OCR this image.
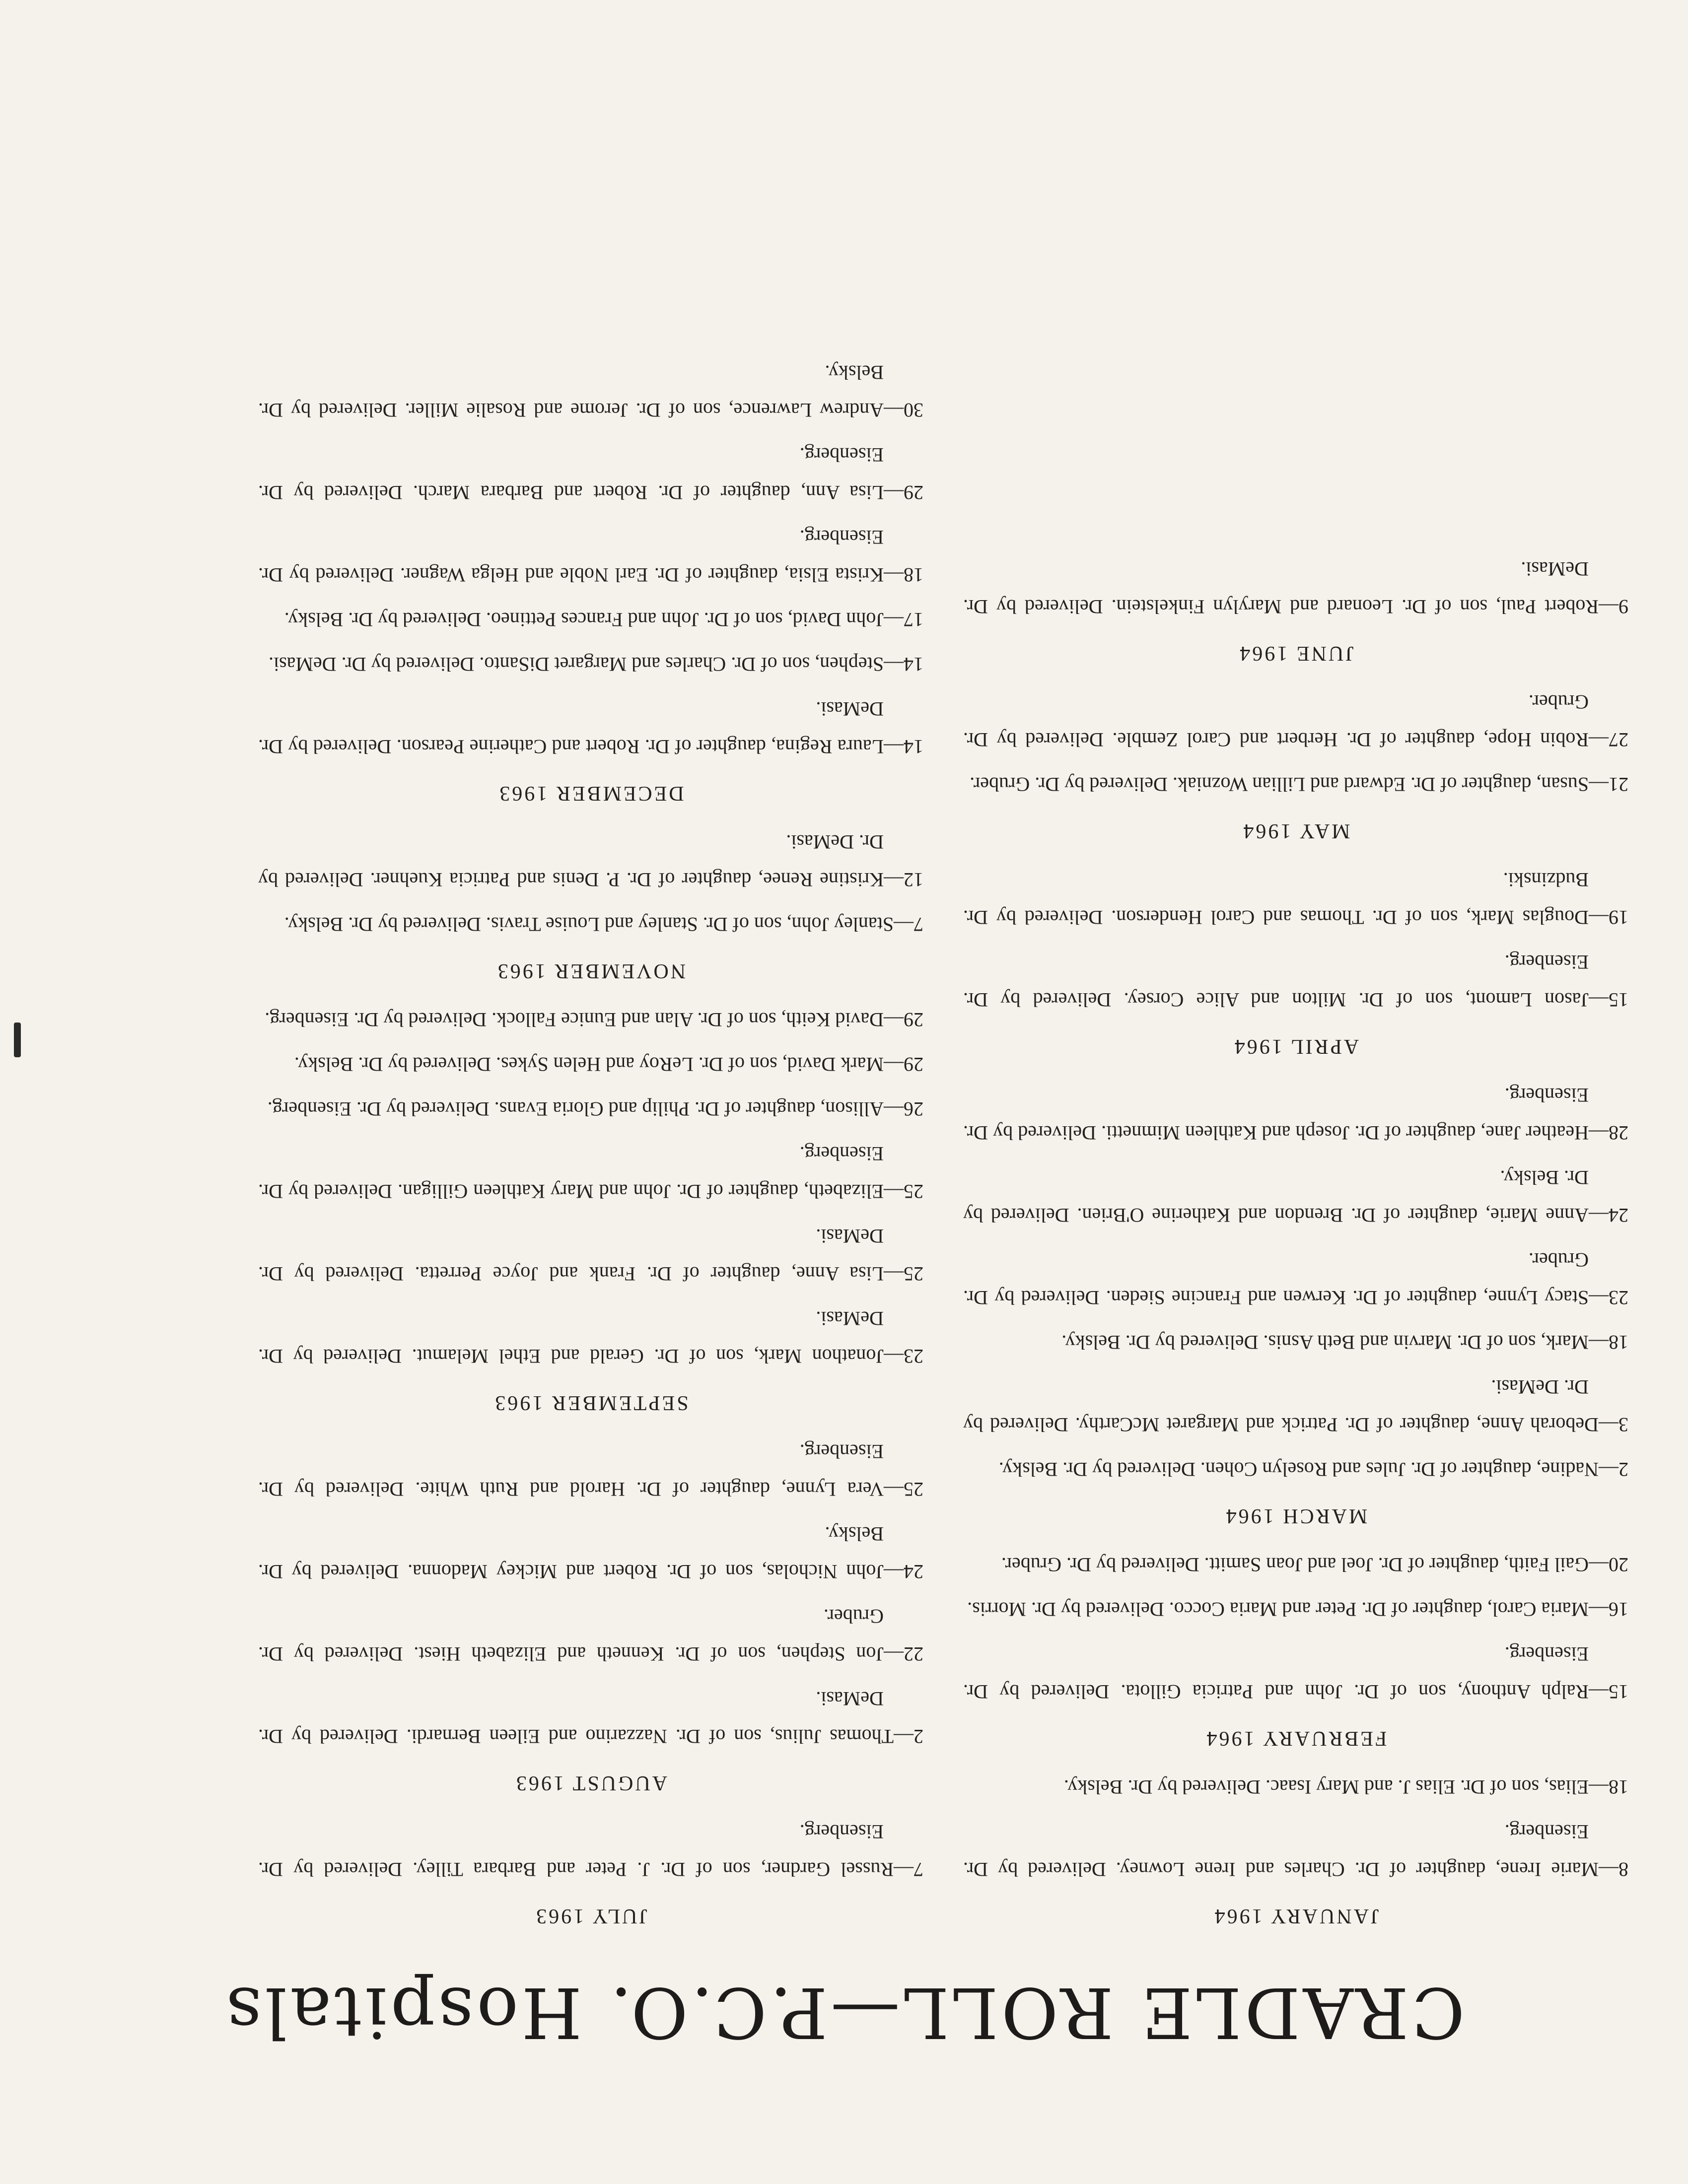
CRADLE ROLL—P.C.O. Hospitals
JANUARY 1964

8—Marie Irene, daughter of Dr. Charles and Irene Lowney. Delivered by Dr. Eisenberg.

18—Elias, son of Dr. Elias J. and Mary Isaac. Delivered by Dr. Belsky.

FEBRUARY 1964

15—Ralph Anthony, son of Dr. John and Patricia Gillota. Delivered by Dr. Eisenberg.

16—Maria Carol, daughter of Dr. Peter and Maria Cocco. Delivered by Dr. Morris.

20—Gail Faith, daughter of Dr. Joel and Joan Samitt. Delivered by Dr. Gruber.

MARCH 1964

2—Nadine, daughter of Dr. Jules and Roselyn Cohen. Delivered by Dr. Belsky.

3—Deborah Anne, daughter of Dr. Patrick and Margaret McCarthy. Delivered by Dr. DeMasi.

18—Mark, son of Dr. Marvin and Beth Asnis. Delivered by Dr. Belsky.

23—Stacy Lynne, daughter of Dr. Kerwen and Francine Sieden. Delivered by Dr. Gruber.

24—Anne Marie, daughter of Dr. Brendon and Katherine O'Brien. Delivered by Dr. Belsky.

28—Heather Jane, daughter of Dr. Joseph and Kathleen Mimnetti. Delivered by Dr. Eisenberg.

APRIL 1964

15—Jason Lamont, son of Dr. Milton and Alice Corsey. Delivered by Dr. Eisenberg.

19—Douglas Mark, son of Dr. Thomas and Carol Henderson. Delivered by Dr. Budzinski.

MAY 1964

21—Susan, daughter of Dr. Edward and Lillian Wozniak. Delivered by Dr. Gruber.

27—Robin Hope, daughter of Dr. Herbert and Carol Zemble. Delivered by Dr. Gruber.

JUNE 1964

9—Robert Paul, son of Dr. Leonard and Marylyn Finkelstein. Delivered by Dr. DeMasi.

JULY 1963

7—Russel Gardner, son of Dr. J. Peter and Barbara Tilley. Delivered by Dr. Eisenberg.

AUGUST 1963

2—Thomas Julius, son of Dr. Nazzarino and Eileen Bernardi. Delivered by Dr. DeMasi.

22—Jon Stephen, son of Dr. Kenneth and Elizabeth Hiest. Delivered by Dr. Gruber.

24—John Nicholas, son of Dr. Robert and Mickey Madonna. Delivered by Dr. Belsky.

25—Vera Lynne, daughter of Dr. Harold and Ruth White. Delivered by Dr. Eisenberg.

SEPTEMBER 1963

23—Jonathon Mark, son of Dr. Gerald and Ethel Melamut. Delivered by Dr. DeMasi.

25—Lisa Anne, daughter of Dr. Frank and Joyce Perretta. Delivered by Dr. DeMasi.

25—Elizabeth, daughter of Dr. John and Mary Kathleen Gilligan. Delivered by Dr. Eisenberg.

26—Allison, daughter of Dr. Philip and Gloria Evans. Delivered by Dr. Eisenberg.

29—Mark David, son of Dr. LeRoy and Helen Sykes. Delivered by Dr. Belsky.

29—David Keith, son of Dr. Alan and Eunice Fallock. Delivered by Dr. Eisenberg.

NOVEMBER 1963

7—Stanley John, son of Dr. Stanley and Louise Travis. Delivered by Dr. Belsky.

12—Kristine Renee, daughter of Dr. P. Denis and Patricia Kuehner. Delivered by Dr. DeMasi.

DECEMBER 1963

14—Laura Regina, daughter of Dr. Robert and Catherine Pearson. Delivered by Dr. DeMasi.

14—Stephen, son of Dr. Charles and Margaret DiSanto. Delivered by Dr. DeMasi.

17—John David, son of Dr. John and Frances Pettineo. Delivered by Dr. Belsky.

18—Krista Elsia, daughter of Dr. Earl Noble and Helga Wagner. Delivered by Dr. Eisenberg.

29—Lisa Ann, daughter of Dr. Robert and Barbara March. Delivered by Dr. Eisenberg.

30—Andrew Lawrence, son of Dr. Jerome and Rosalie Miller. Delivered by Dr. Belsky.
